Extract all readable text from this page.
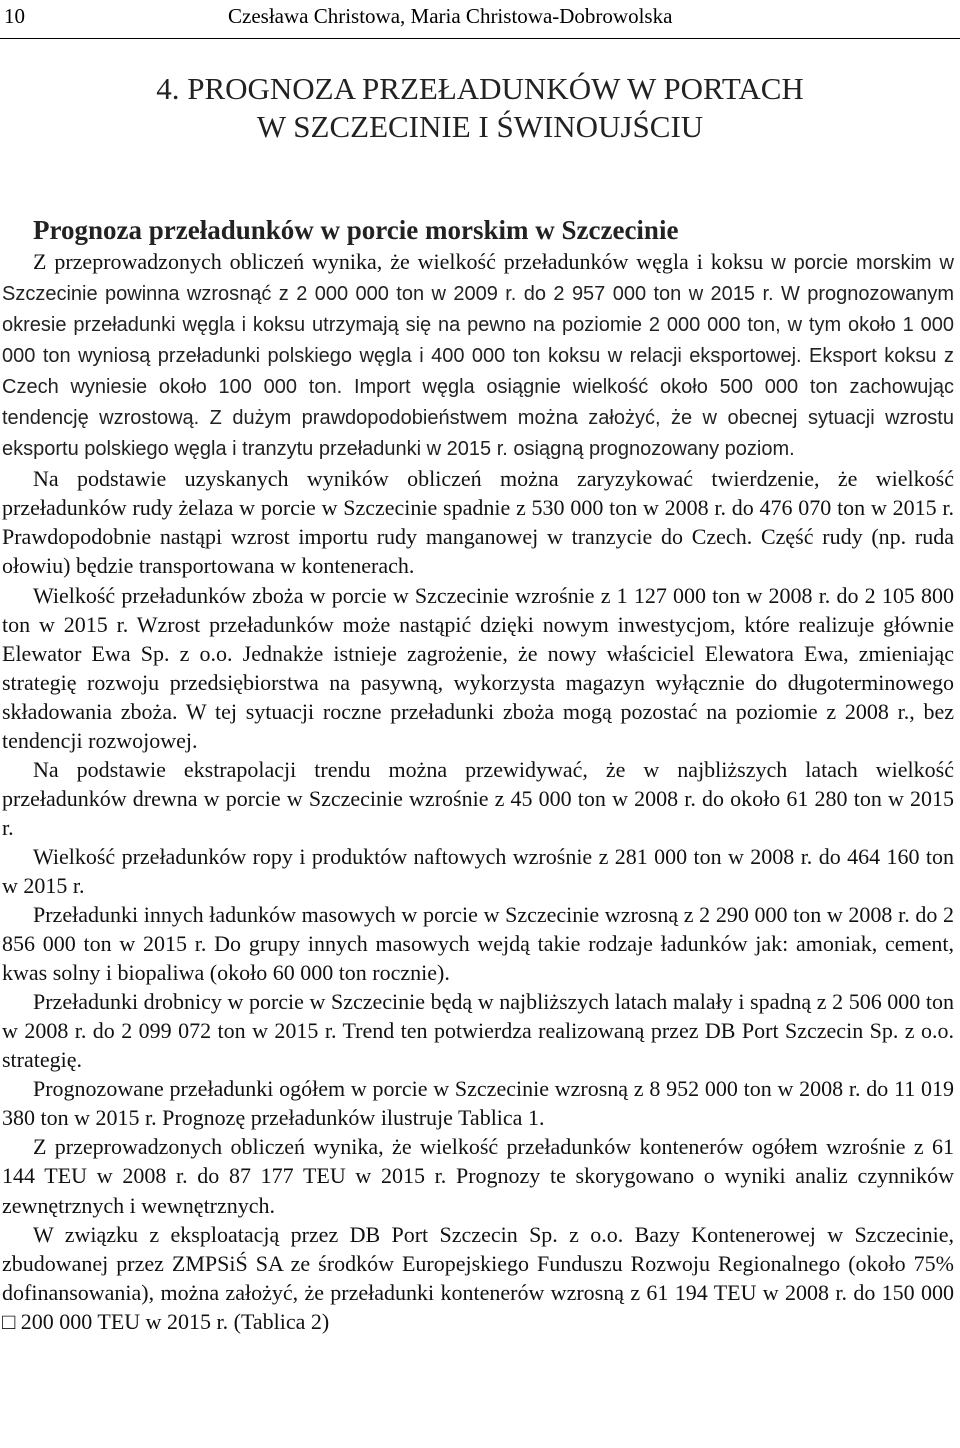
10	Czesława Christowa, Maria Christowa-Dobrowolska
4. PROGNOZA PRZEŁADUNKÓW W PORTACH
W SZCZECINIE I ŚWINOUJŚCIU
Prognoza przeładunków w porcie morskim w Szczecinie

Z przeprowadzonych obliczeń wynika, że wielkość przeładunków węgla i koksu w porcie morskim w Szczecinie powinna wzrosnąć z 2 000 000 ton w 2009 r. do 2 957 000 ton w 2015 r. W prognozowanym okresie przeładunki węgla i koksu utrzymają się na pewno na poziomie 2 000 000 ton, w tym około 1 000 000 ton wyniosą przeładunki polskiego węgla i 400 000 ton koksu w relacji eksportowej. Eksport koksu z Czech wyniesie około 100 000 ton. Import węgla osiągnie wielkość około 500 000 ton zachowując tendencję wzrostową. Z dużym prawdopodobieństwem można założyć, że w obecnej sytuacji wzrostu eksportu polskiego węgla i tranzytu przeładunki w 2015 r. osiągną prognozowany poziom.

Na podstawie uzyskanych wyników obliczeń można zaryzykować twierdzenie, że wielkość przeładunków rudy żelaza w porcie w Szczecinie spadnie z 530 000 ton w 2008 r. do 476 070 ton w 2015 r. Prawdopodobnie nastąpi wzrost importu rudy manganowej w tranzycie do Czech. Część rudy (np. ruda ołowiu) będzie transportowana w kontenerach.

Wielkość przeładunków zboża w porcie w Szczecinie wzrośnie z 1 127 000 ton w 2008 r. do 2 105 800 ton w 2015 r. Wzrost przeładunków może nastąpić dzięki nowym inwestycjom, które realizuje głównie Elewator Ewa Sp. z o.o. Jednakże istnieje zagrożenie, że nowy właściciel Elewatora Ewa, zmieniając strategię rozwoju przedsiębiorstwa na pasywną, wykorzysta magazyn wyłącznie do długoterminowego składowania zboża. W tej sytuacji roczne przeładunki zboża mogą pozostać na poziomie z 2008 r., bez tendencji rozwojowej.

Na podstawie ekstrapolacji trendu można przewidywać, że w najbliższych latach wielkość przeładunków drewna w porcie w Szczecinie wzrośnie z 45 000 ton w 2008 r. do około 61 280 ton w 2015 r.

Wielkość przeładunków ropy i produktów naftowych wzrośnie z 281 000 ton w 2008 r. do 464 160 ton w 2015 r.

Przeładunki innych ładunków masowych w porcie w Szczecinie wzrosną z 2 290 000 ton w 2008 r. do 2 856 000 ton w 2015 r. Do grupy innych masowych wejdą takie rodzaje ładunków jak: amoniak, cement, kwas solny i biopaliwa (około 60 000 ton rocznie).

Przeładunki drobnicy w porcie w Szczecinie będą w najbliższych latach malały i spadną z 2 506 000 ton w 2008 r. do 2 099 072 ton w 2015 r. Trend ten potwierdza realizowaną przez DB Port Szczecin Sp. z o.o. strategię.

Prognozowane przeładunki ogółem w porcie w Szczecinie wzrosną z 8 952 000 ton w 2008 r. do 11 019 380 ton w 2015 r. Prognozę przeładunków ilustruje Tablica 1.

Z przeprowadzonych obliczeń wynika, że wielkość przeładunków kontenerów ogółem wzrośnie z 61 144 TEU w 2008 r. do 87 177 TEU w 2015 r. Prognozy te skorygowano o wyniki analiz czynników zewnętrznych i wewnętrznych.

W związku z eksploatacją przez DB Port Szczecin Sp. z o.o. Bazy Kontenerowej w Szczecinie, zbudowanej przez ZMPSiŚ SA ze środków Europejskiego Funduszu Rozwoju Regionalnego (około 75% dofinansowania), można założyć, że przeładunki kontenerów wzrosną z 61 194 TEU w 2008 r. do 150 000 □ 200 000 TEU w 2015 r. (Tablica 2)
